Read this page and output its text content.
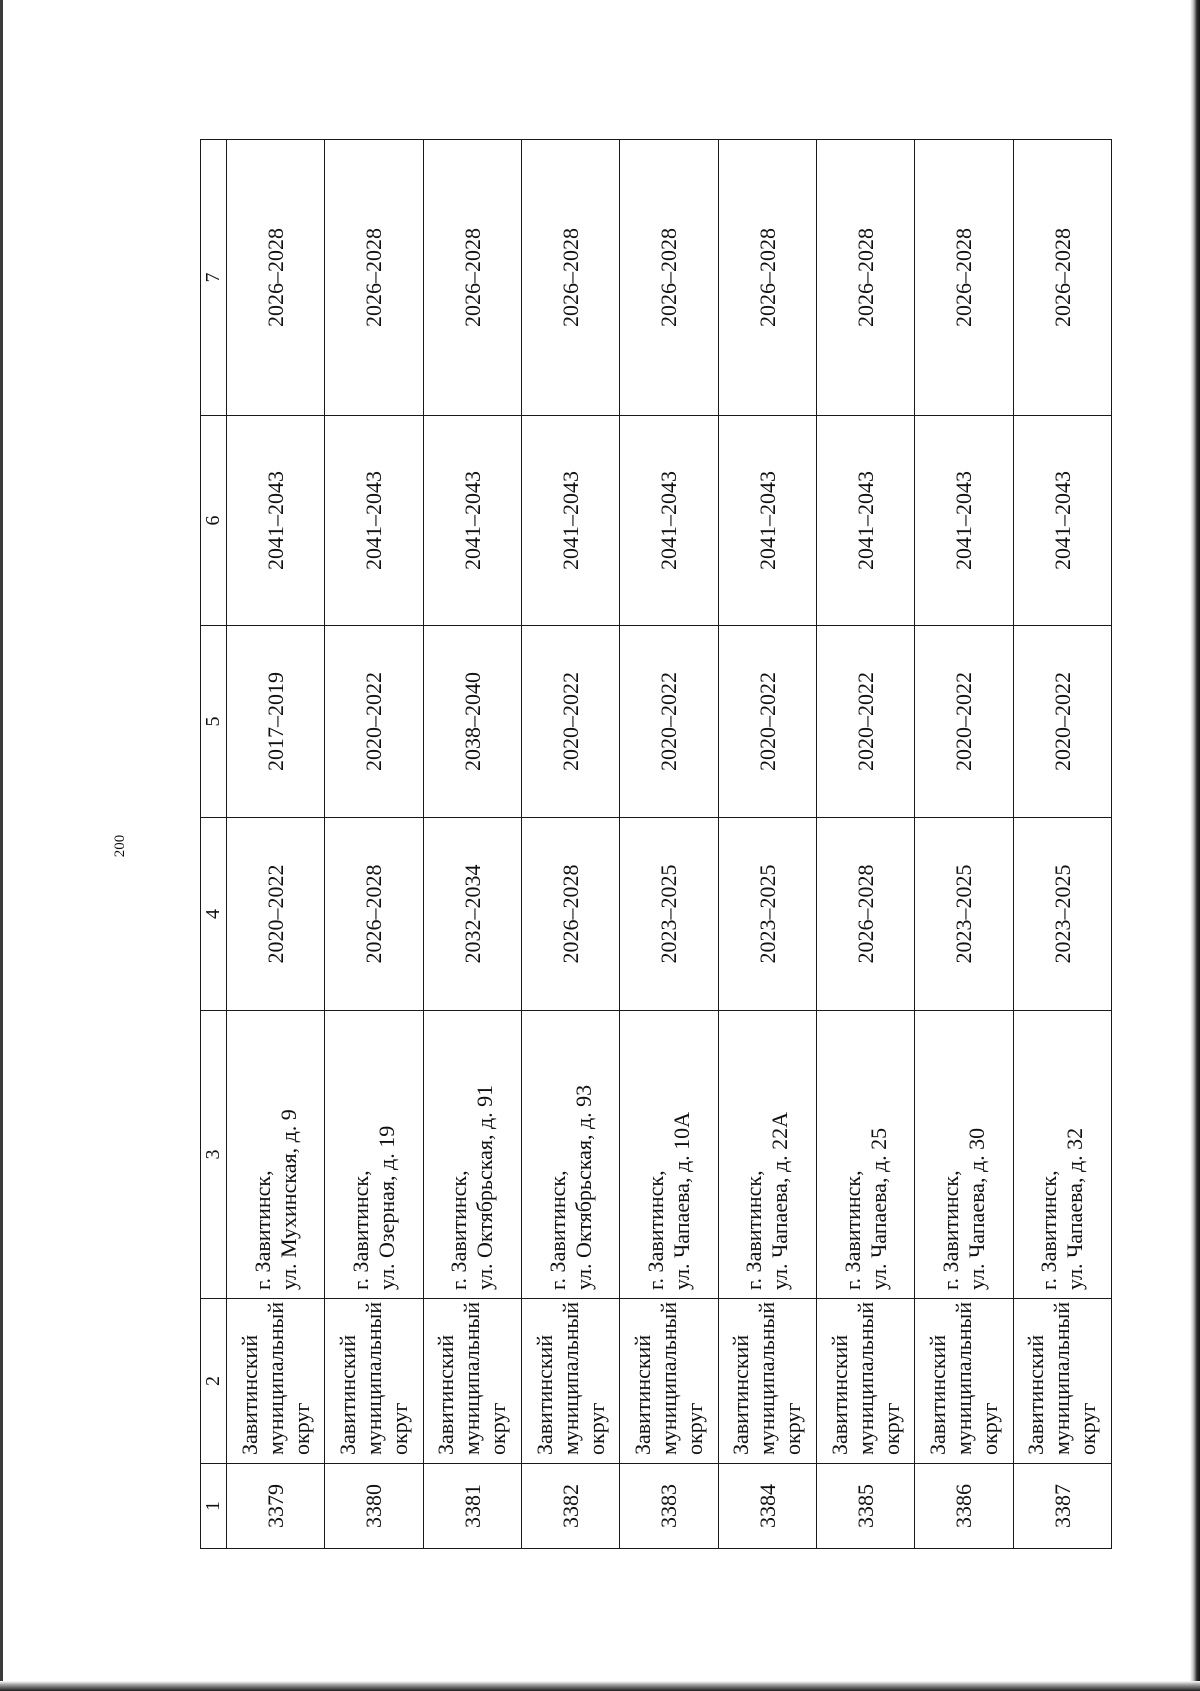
200
1	2	3	4	5	6	7
3379	Завитинский муниципальный округ	г. Завитинск, ул. Мухинская, д. 9	2020–2022	2017–2019	2041–2043	2026–2028
3380	Завитинский муниципальный округ	г. Завитинск, ул. Озерная, д. 19	2026–2028	2020–2022	2041–2043	2026–2028
3381	Завитинский муниципальный округ	г. Завитинск, ул. Октябрьская, д. 91	2032–2034	2038–2040	2041–2043	2026–2028
3382	Завитинский муниципальный округ	г. Завитинск, ул. Октябрьская, д. 93	2026–2028	2020–2022	2041–2043	2026–2028
3383	Завитинский муниципальный округ	г. Завитинск, ул. Чапаева, д. 10А	2023–2025	2020–2022	2041–2043	2026–2028
3384	Завитинский муниципальный округ	г. Завитинск, ул. Чапаева, д. 22А	2023–2025	2020–2022	2041–2043	2026–2028
3385	Завитинский муниципальный округ	г. Завитинск, ул. Чапаева, д. 25	2026–2028	2020–2022	2041–2043	2026–2028
3386	Завитинский муниципальный округ	г. Завитинск, ул. Чапаева, д. 30	2023–2025	2020–2022	2041–2043	2026–2028
3387	Завитинский муниципальный округ	г. Завитинск, ул. Чапаева, д. 32	2023–2025	2020–2022	2041–2043	2026–2028
